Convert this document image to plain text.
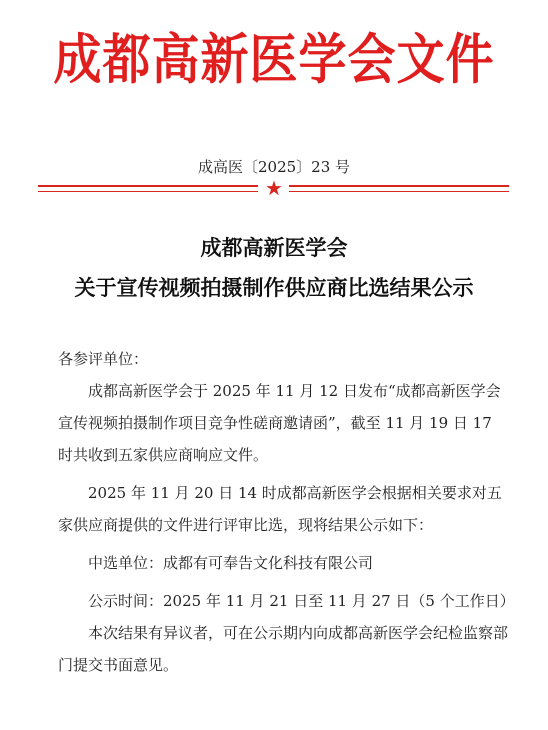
成都高新医学会文件
成高医〔2025〕23 号
★
成都高新医学会
关于宣传视频拍摄制作供应商比选结果公示

各参评单位：

成都高新医学会于 2025 年 11 月 12 日发布“成都高新医学会宣传视频拍摄制作项目竞争性磋商邀请函”，截至 11 月 19 日 17 时共收到五家供应商响应文件。

2025 年 11 月 20 日 14 时成都高新医学会根据相关要求对五家供应商提供的文件进行评审比选，现将结果公示如下：

中选单位：成都有可奉告文化科技有限公司

公示时间：2025 年 11 月 21 日至 11 月 27 日（5 个工作日）

本次结果有异议者，可在公示期内向成都高新医学会纪检监察部门提交书面意见。
